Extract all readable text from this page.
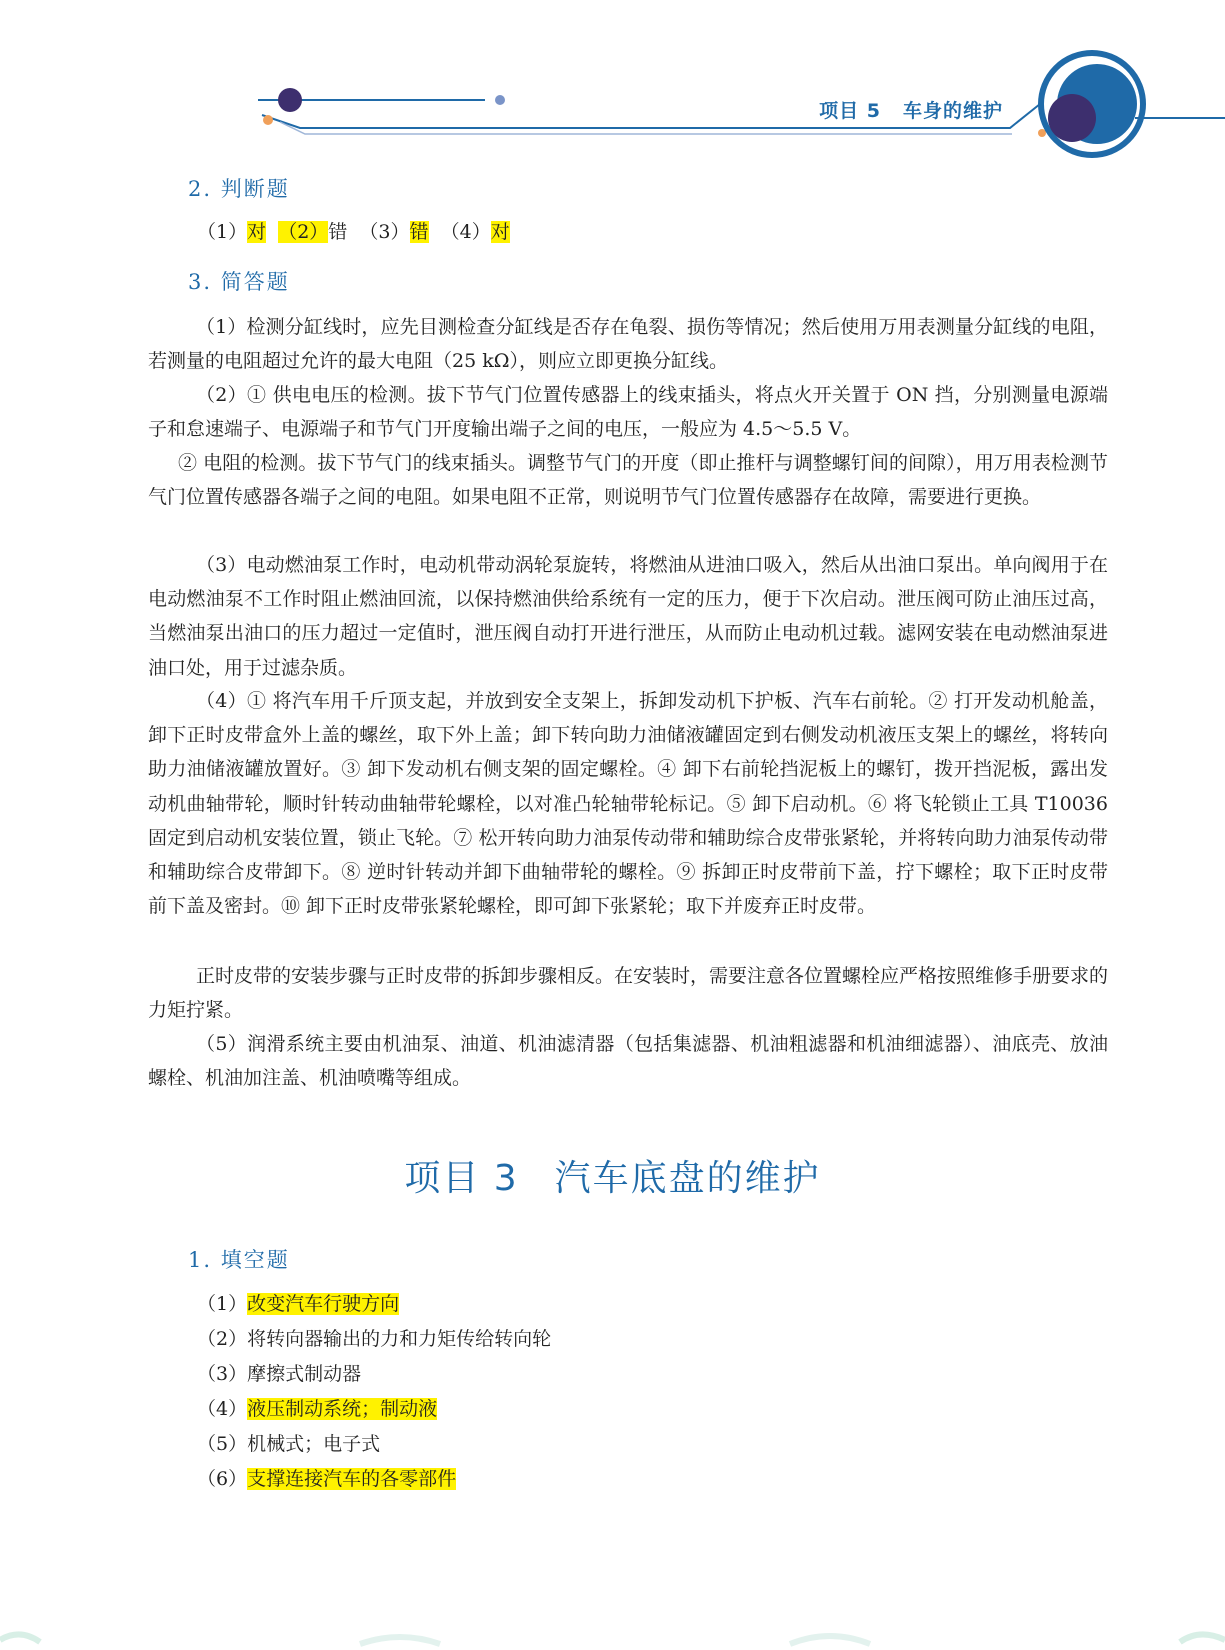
项目 5 车身的维护
2. 判断题
（1）对 （2）错 （3）错 （4）对
3. 简答题
（1）检测分缸线时，应先目测检查分缸线是否存在龟裂、损伤等情况；然后使用万用表测量分缸线的电阻，若测量的电阻超过允许的最大电阻（25 kΩ），则应立即更换分缸线。
（2）① 供电电压的检测。拔下节气门位置传感器上的线束插头，将点火开关置于 ON 挡，分别测量电源端子和怠速端子、电源端子和节气门开度输出端子之间的电压，一般应为 4.5～5.5 V。
② 电阻的检测。拔下节气门的线束插头。调整节气门的开度（即止推杆与调整螺钉间的间隙），用万用表检测节气门位置传感器各端子之间的电阻。如果电阻不正常，则说明节气门位置传感器存在故障，需要进行更换。
（3）电动燃油泵工作时，电动机带动涡轮泵旋转，将燃油从进油口吸入，然后从出油口泵出。单向阀用于在电动燃油泵不工作时阻止燃油回流，以保持燃油供给系统有一定的压力，便于下次启动。泄压阀可防止油压过高，当燃油泵出油口的压力超过一定值时，泄压阀自动打开进行泄压，从而防止电动机过载。滤网安装在电动燃油泵进油口处，用于过滤杂质。
（4）① 将汽车用千斤顶支起，并放到安全支架上，拆卸发动机下护板、汽车右前轮。② 打开发动机舱盖，卸下正时皮带盒外上盖的螺丝，取下外上盖；卸下转向助力油储液罐固定到右侧发动机液压支架上的螺丝，将转向助力油储液罐放置好。③ 卸下发动机右侧支架的固定螺栓。④ 卸下右前轮挡泥板上的螺钉，拨开挡泥板，露出发动机曲轴带轮，顺时针转动曲轴带轮螺栓，以对准凸轮轴带轮标记。⑤ 卸下启动机。⑥ 将飞轮锁止工具 T10036 固定到启动机安装位置，锁止飞轮。⑦ 松开转向助力油泵传动带和辅助综合皮带张紧轮，并将转向助力油泵传动带和辅助综合皮带卸下。⑧ 逆时针转动并卸下曲轴带轮的螺栓。⑨ 拆卸正时皮带前下盖，拧下螺栓；取下正时皮带前下盖及密封。⑩ 卸下正时皮带张紧轮螺栓，即可卸下张紧轮；取下并废弃正时皮带。
正时皮带的安装步骤与正时皮带的拆卸步骤相反。在安装时，需要注意各位置螺栓应严格按照维修手册要求的力矩拧紧。
（5）润滑系统主要由机油泵、油道、机油滤清器（包括集滤器、机油粗滤器和机油细滤器）、油底壳、放油螺栓、机油加注盖、机油喷嘴等组成。
项目 3 汽车底盘的维护
1. 填空题
（1）改变汽车行驶方向
（2）将转向器输出的力和力矩传给转向轮
（3）摩擦式制动器
（4）液压制动系统；制动液
（5）机械式；电子式
（6）支撑连接汽车的各零部件
